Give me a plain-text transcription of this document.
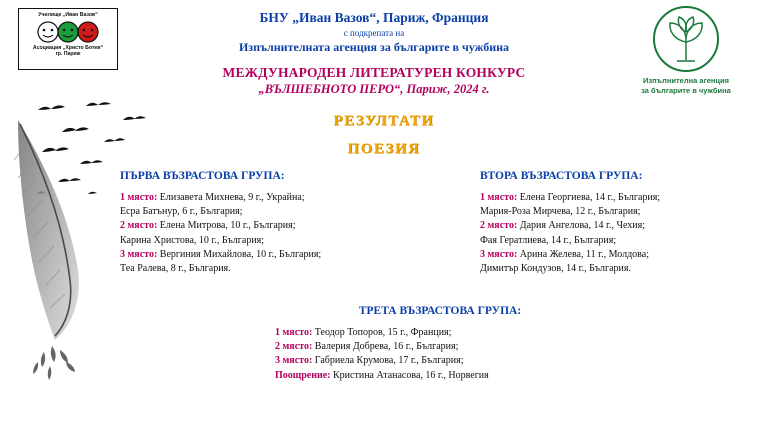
Училище „Иван Вазов“
Асоциация „Христо Ботев“
гр. Париж
Изпълнителна агенция
за българите в чужбина
БНУ „Иван Вазов“, Париж, Франция
с подкрепата на
Изпълнителната агенция за българите в чужбина
МЕЖДУНАРОДЕН ЛИТЕРАТУРЕН КОНКУРС
„ВЪЛШЕБНОТО ПЕРО“, Париж, 2024 г.
РЕЗУЛТАТИ
ПОЕЗИЯ
ПЪРВА ВЪЗРАСТОВА ГРУПА:
1 място: Елизавета Михнева, 9 г., Украйна;
Есра Батънур, 6 г., България;
2 място: Елена Митрова, 10 г., България;
Карина Христова, 10 г., България;
3 място: Вергиния Михайлова, 10 г., България;
Теа Ралева, 8 г., България.
ВТОРА ВЪЗРАСТОВА ГРУПА:
1 място: Елена Георгиева, 14 г., България;
Мария-Роза Мирчева, 12 г., България;
2 място: Дария Ангелова, 14 г., Чехия;
Фая Гератлиева, 14 г., България;
3 място: Арина Желева, 11 г., Молдова;
Димитър Кондузов, 14 г., България.
ТРЕТА ВЪЗРАСТОВА ГРУПА:
1 място: Теодор Топоров, 15 г., Франция;
2 място: Валерия Добрева, 16 г., България;
3 място: Габриела Крумова, 17 г., България;
Поощрение: Кристина Атанасова, 16 г., Норвегия
